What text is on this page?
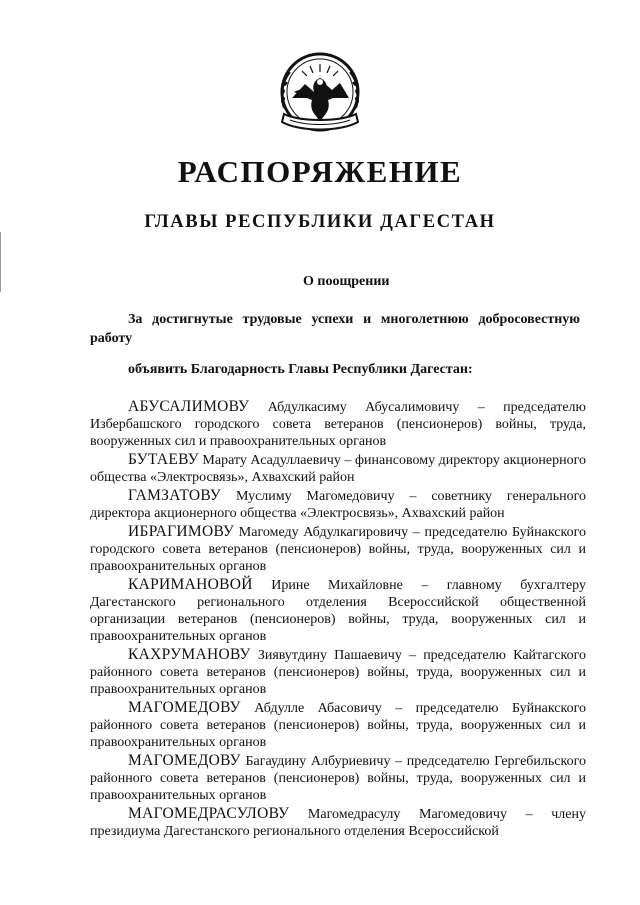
РАСПОРЯЖЕНИЕ
ГЛАВЫ РЕСПУБЛИКИ ДАГЕСТАН
О поощрении

За достигнутые трудовые успехи и многолетнюю добросовестную работу

объявить Благодарность Главы Республики Дагестан:
АБУСАЛИМОВУ Абдулкасиму Абусалимовичу – председателю Избербашского городского совета ветеранов (пенсионеров) войны, труда, вооруженных сил и правоохранительных органов
БУТАЕВУ Марату Асадуллаевичу – финансовому директору акционерного общества «Электросвязь», Ахвахский район
ГАМЗАТОВУ Муслиму Магомедовичу – советнику генерального директора акционерного общества «Электросвязь», Ахвахский район
ИБРАГИМОВУ Магомеду Абдулкагировичу – председателю Буйнакского городского совета ветеранов (пенсионеров) войны, труда, вооруженных сил и правоохранительных органов
КАРИМАНОВОЙ Ирине Михайловне – главному бухгалтеру Дагестанского регионального отделения Всероссийской общественной организации ветеранов (пенсионеров) войны, труда, вооруженных сил и правоохранительных органов
КАХРУМАНОВУ Зиявутдину Пашаевичу – председателю Кайтагского районного совета ветеранов (пенсионеров) войны, труда, вооруженных сил и правоохранительных органов
МАГОМЕДОВУ Абдулле Абасовичу – председателю Буйнакского районного совета ветеранов (пенсионеров) войны, труда, вооруженных сил и правоохранительных органов
МАГОМЕДОВУ Багаудину Албуриевичу – председателю Гергебильского районного совета ветеранов (пенсионеров) войны, труда, вооруженных сил и правоохранительных органов
МАГОМЕДРАСУЛОВУ Магомедрасулу Магомедовичу – члену президиума Дагестанского регионального отделения Всероссийской
